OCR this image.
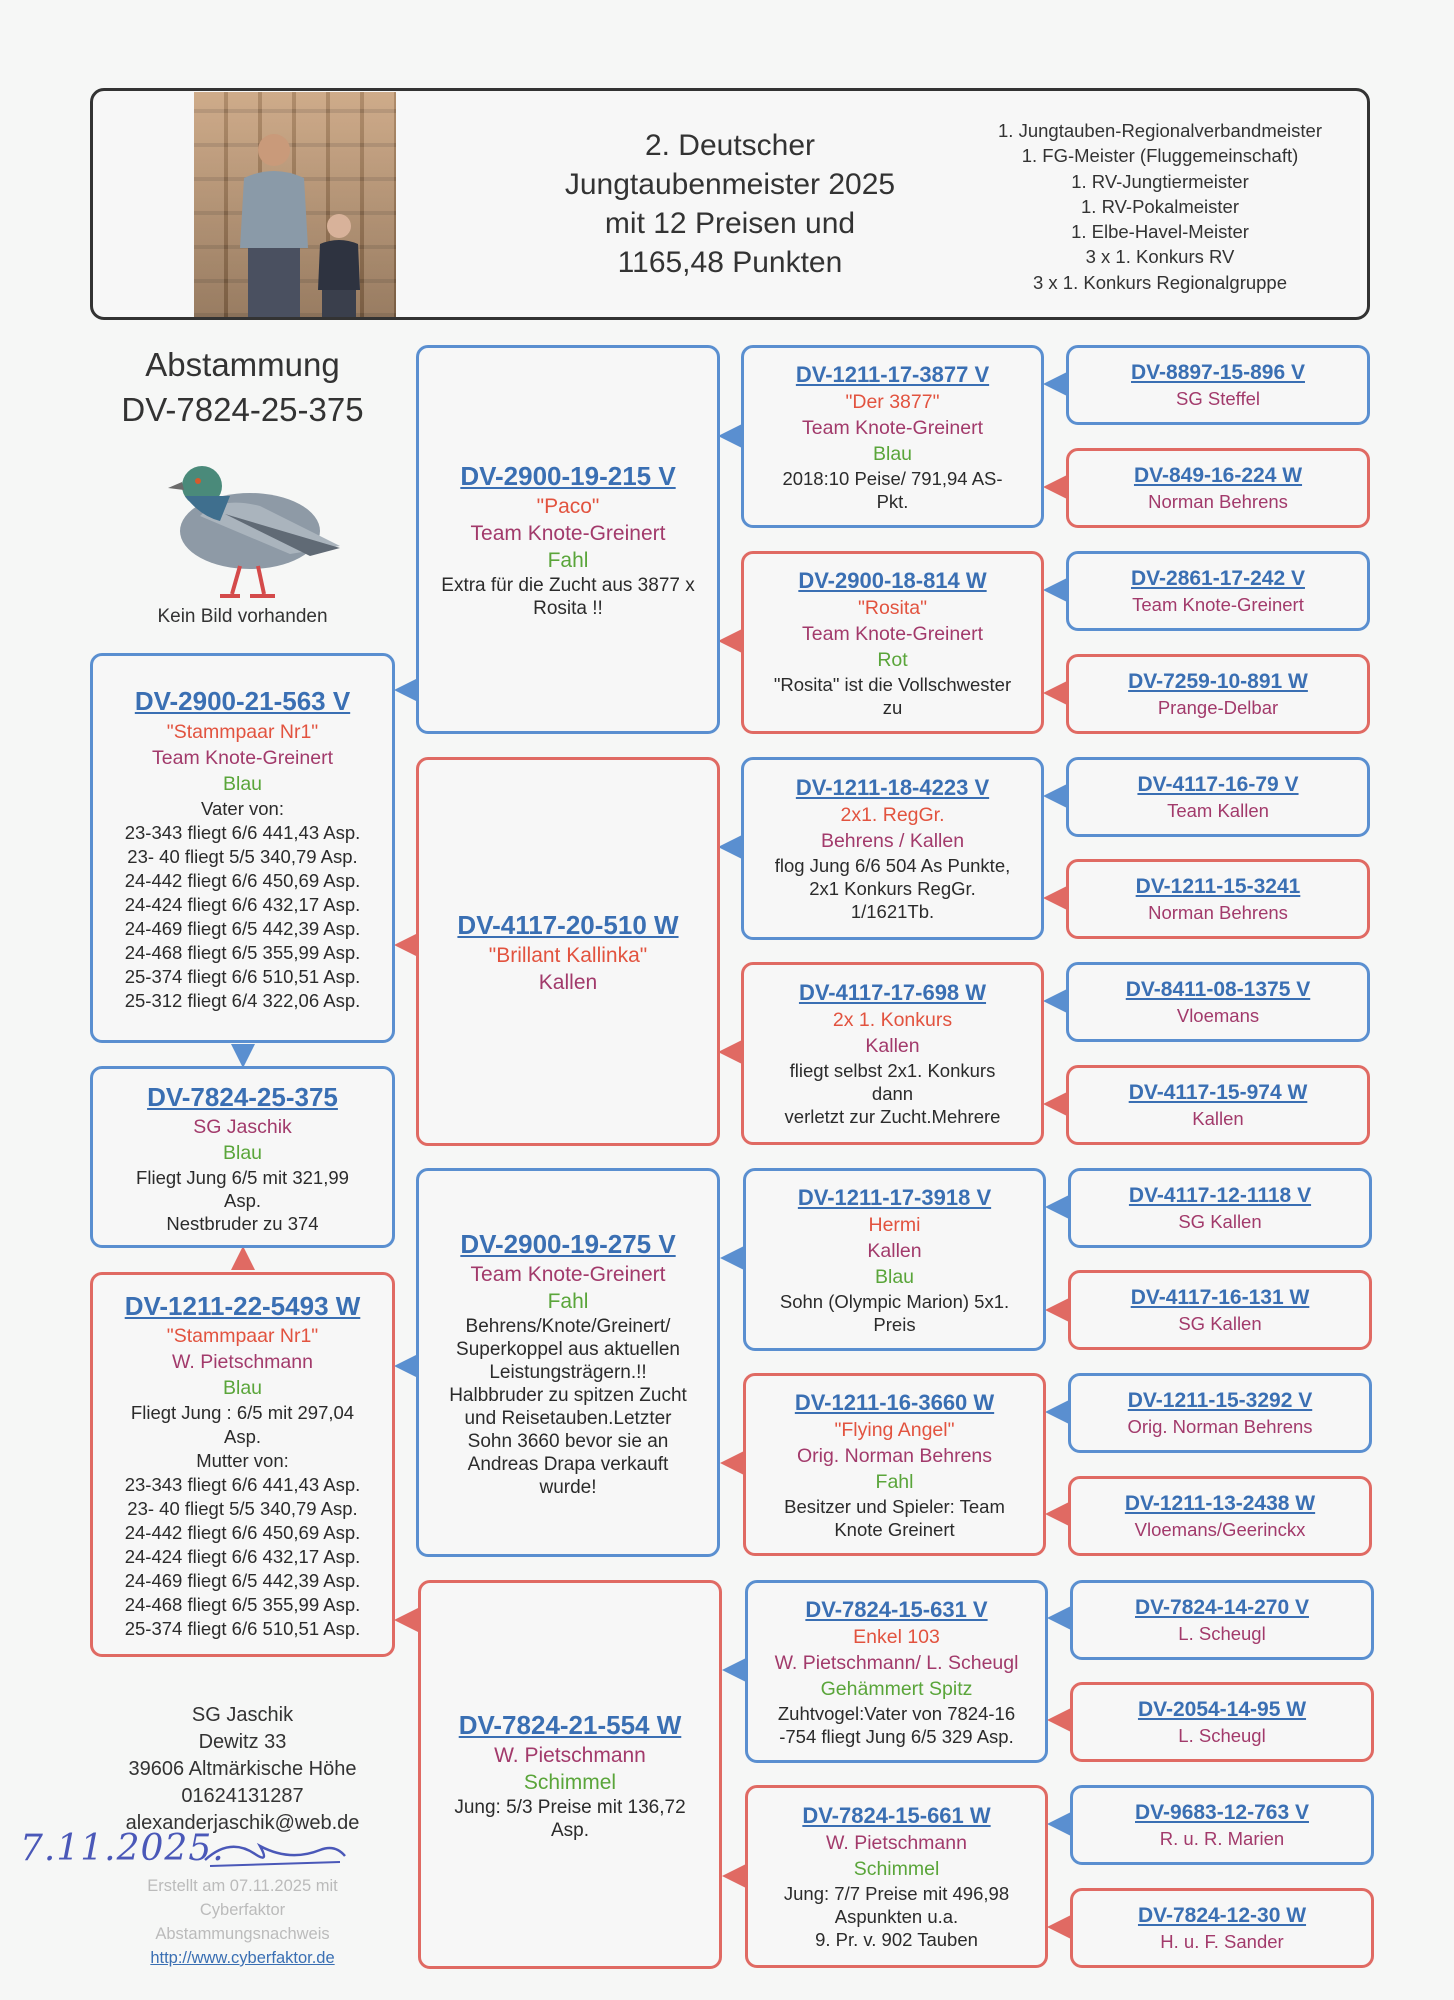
2. Deutscher
Jungtaubenmeister 2025
mit 12 Preisen und
1165,48 Punkten
1. Jungtauben-Regionalverbandmeister
1. FG-Meister (Fluggemeinschaft)
1. RV-Jungtiermeister
1. RV-Pokalmeister
1. Elbe-Havel-Meister
3 x 1. Konkurs RV
3 x 1. Konkurs Regionalgruppe
Abstammung
DV-7824-25-375
Kein Bild vorhanden
DV-2900-21-563 V
"Stammpaar Nr1"
Team Knote-Greinert
Blau
Vater von:
23-343 fliegt 6/6 441,43 Asp.
23- 40 fliegt 5/5 340,79 Asp.
24-442 fliegt 6/6 450,69 Asp.
24-424 fliegt 6/6 432,17 Asp.
24-469 fliegt 6/5 442,39 Asp.
24-468 fliegt 6/5 355,99 Asp.
25-374 fliegt 6/6 510,51 Asp.
25-312 fliegt 6/4 322,06 Asp.
DV-7824-25-375
SG Jaschik
Blau
Fliegt Jung 6/5 mit 321,99
Asp.
Nestbruder zu 374
DV-1211-22-5493 W
"Stammpaar Nr1"
W. Pietschmann
Blau
Fliegt Jung : 6/5 mit 297,04
Asp.
Mutter von:
23-343 fliegt 6/6 441,43 Asp.
23- 40 fliegt 5/5 340,79 Asp.
24-442 fliegt 6/6 450,69 Asp.
24-424 fliegt 6/6 432,17 Asp.
24-469 fliegt 6/5 442,39 Asp.
24-468 fliegt 6/5 355,99 Asp.
25-374 fliegt 6/6 510,51 Asp.
DV-2900-19-215 V
"Paco"
Team Knote-Greinert
Fahl
Extra für die Zucht aus 3877 x
Rosita !!
DV-4117-20-510 W
"Brillant Kallinka"
Kallen
DV-2900-19-275 V
Team Knote-Greinert
Fahl
Behrens/Knote/Greinert/
Superkoppel aus aktuellen
Leistungsträgern.!!
Halbbruder zu spitzen Zucht
und Reisetauben.Letzter
Sohn 3660 bevor sie an
Andreas Drapa verkauft
wurde!
DV-7824-21-554 W
W. Pietschmann
Schimmel
Jung: 5/3 Preise mit 136,72
Asp.
DV-1211-17-3877 V
"Der 3877"
Team Knote-Greinert
Blau
2018:10 Peise/ 791,94 AS-
Pkt.
DV-2900-18-814 W
"Rosita"
Team Knote-Greinert
Rot
"Rosita" ist die Vollschwester
zu
DV-1211-18-4223 V
2x1. RegGr.
Behrens / Kallen
flog Jung 6/6 504 As Punkte,
2x1 Konkurs RegGr.
1/1621Tb.
DV-4117-17-698 W
2x 1. Konkurs
Kallen
fliegt selbst 2x1. Konkurs
dann
verletzt zur Zucht.Mehrere
DV-1211-17-3918 V
Hermi
Kallen
Blau
Sohn (Olympic Marion) 5x1.
Preis
DV-1211-16-3660 W
"Flying Angel"
Orig. Norman Behrens
Fahl
Besitzer und Spieler: Team
Knote Greinert
DV-7824-15-631 V
Enkel 103
W. Pietschmann/ L. Scheugl
Gehämmert Spitz
Zuhtvogel:Vater von 7824-16
-754 fliegt Jung 6/5 329 Asp.
DV-7824-15-661 W
W. Pietschmann
Schimmel
Jung: 7/7 Preise mit 496,98
Aspunkten u.a.
9. Pr. v. 902 Tauben
DV-8897-15-896 V
SG Steffel
DV-849-16-224 W
Norman Behrens
DV-2861-17-242 V
Team Knote-Greinert
DV-7259-10-891 W
Prange-Delbar
DV-4117-16-79 V
Team Kallen
DV-1211-15-3241
Norman Behrens
DV-8411-08-1375 V
Vloemans
DV-4117-15-974 W
Kallen
DV-4117-12-1118 V
SG Kallen
DV-4117-16-131 W
SG Kallen
DV-1211-15-3292 V
Orig. Norman Behrens
DV-1211-13-2438 W
Vloemans/Geerinckx
DV-7824-14-270 V
L. Scheugl
DV-2054-14-95 W
L. Scheugl
DV-9683-12-763 V
R. u. R. Marien
DV-7824-12-30 W
H. u. F. Sander
SG Jaschik
Dewitz 33
39606 Altmärkische Höhe
01624131287
alexanderjaschik@web.de
7.11.2025.
Erstellt am 07.11.2025 mit
Cyberfaktor
Abstammungsnachweis
http://www.cyberfaktor.de
